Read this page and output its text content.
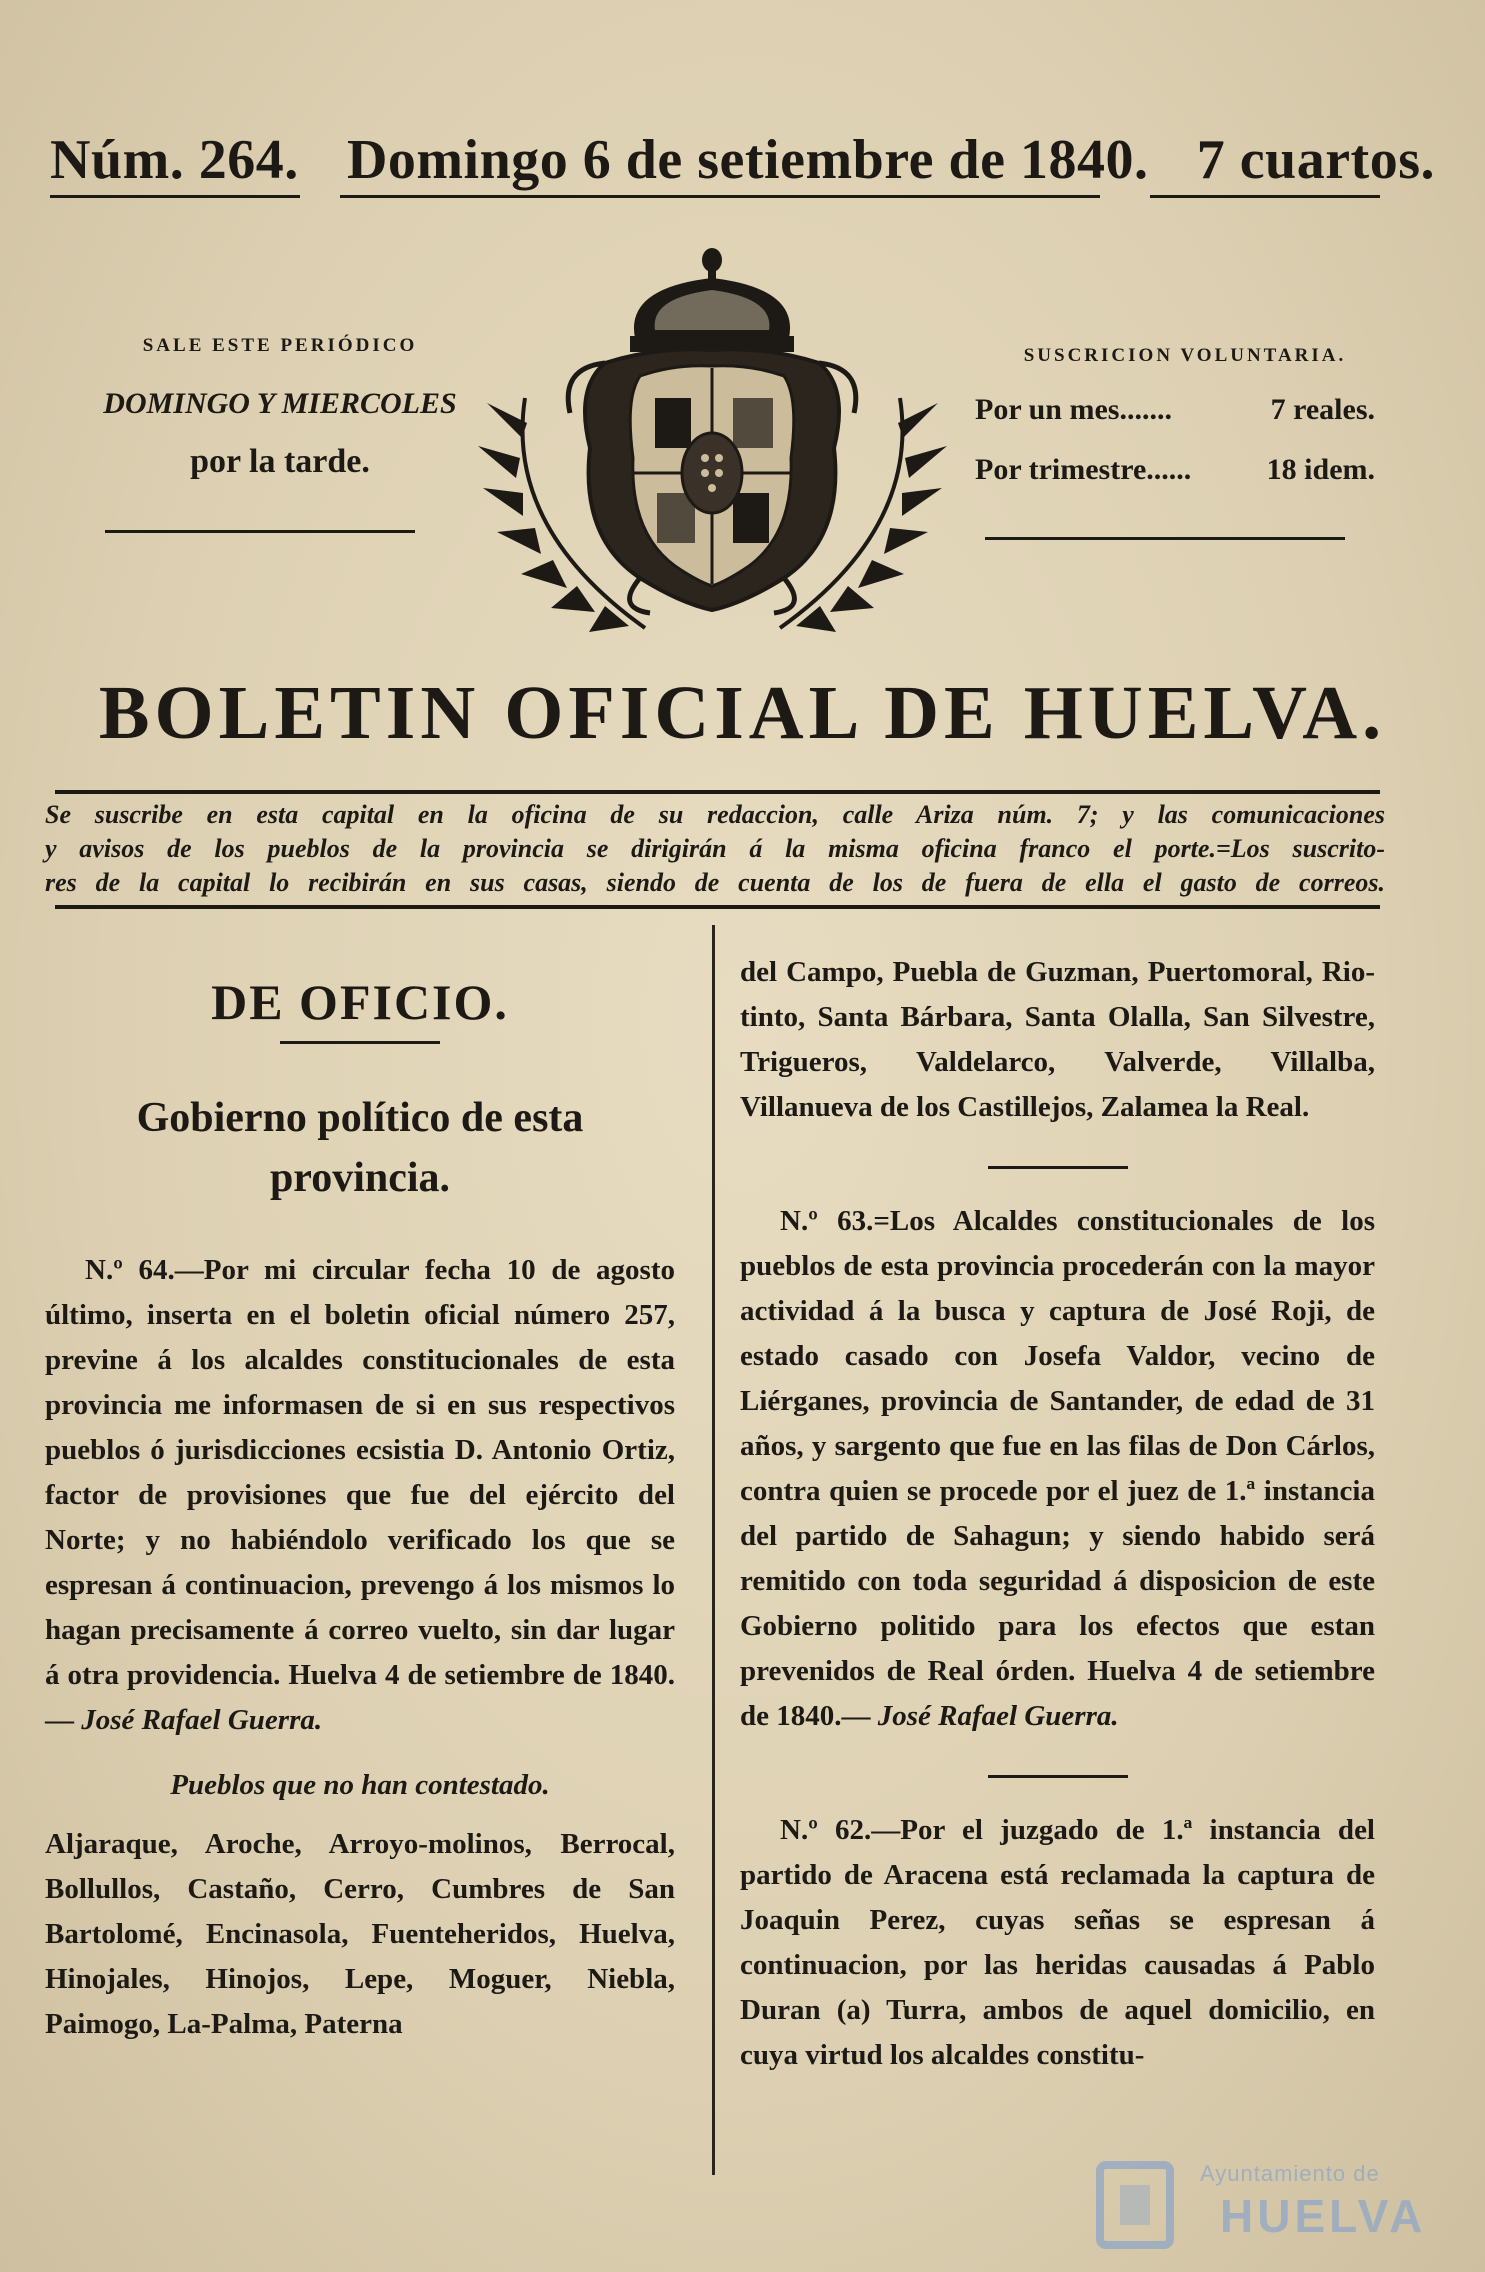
Núm. 264. Domingo 6 de setiembre de 1840. 7 cuartos.
SALE ESTE PERIÓDICO
DOMINGO Y MIERCOLES
por la tarde.
SUSCRICION VOLUNTARIA.
Por un mes.......	7 reales.
Por trimestre......	18 idem.
BOLETIN OFICIAL DE HUELVA.
Se suscribe en esta capital en la oficina de su redaccion, calle Ariza núm. 7; y las comunicaciones
y avisos de los pueblos de la provincia se dirigirán á la misma oficina franco el porte.=Los suscrito-
res de la capital lo recibirán en sus casas, siendo de cuenta de los de fuera de ella el gasto de correos.
DE OFICIO.
Gobierno político de esta provincia.

N.º 64.—Por mi circular fecha 10 de agosto último, inserta en el boletin oficial número 257, previne á los alcaldes constitucionales de esta provincia me informasen de si en sus respectivos pueblos ó jurisdicciones ecsistia D. Antonio Ortiz, factor de provisiones que fue del ejército del Norte; y no habiéndolo verificado los que se espresan á continuacion, prevengo á los mismos lo hagan precisamente á correo vuelto, sin dar lugar á otra providencia. Huelva 4 de setiembre de 1840.— José Rafael Guerra.

Pueblos que no han contestado.

Aljaraque, Aroche, Arroyo-molinos, Berrocal, Bollullos, Castaño, Cerro, Cumbres de San Bartolomé, Encinasola, Fuenteheridos, Huelva, Hinojales, Hinojos, Lepe, Moguer, Niebla, Paimogo, La-Palma, Paterna

del Campo, Puebla de Guzman, Puertomoral, Rio-tinto, Santa Bárbara, Santa Olalla, San Silvestre, Trigueros, Valdelarco, Valverde, Villalba, Villanueva de los Castillejos, Zalamea la Real.

N.º 63.=Los Alcaldes constitucionales de los pueblos de esta provincia procederán con la mayor actividad á la busca y captura de José Roji, de estado casado con Josefa Valdor, vecino de Liérganes, provincia de Santander, de edad de 31 años, y sargento que fue en las filas de Don Cárlos, contra quien se procede por el juez de 1.ª instancia del partido de Sahagun; y siendo habido será remitido con toda seguridad á disposicion de este Gobierno politido para los efectos que estan prevenidos de Real órden. Huelva 4 de setiembre de 1840.— José Rafael Guerra.

N.º 62.—Por el juzgado de 1.ª instancia del partido de Aracena está reclamada la captura de Joaquin Perez, cuyas señas se espresan á continuacion, por las heridas causadas á Pablo Duran (a) Turra, ambos de aquel domicilio, en cuya virtud los alcaldes constitu-

Ayuntamiento de
HUELVA
